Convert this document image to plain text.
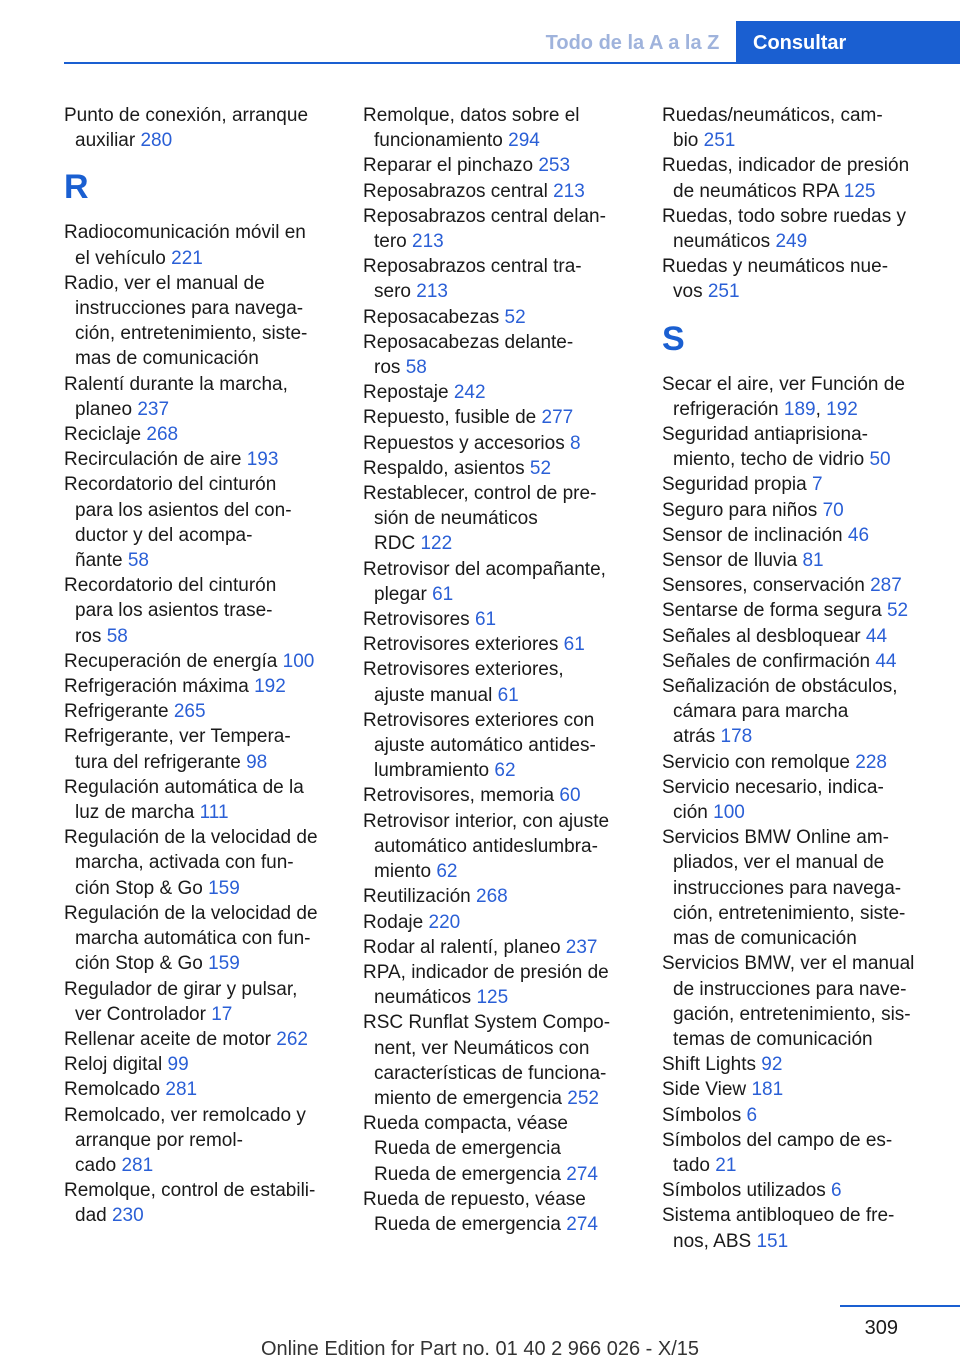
Todo de la A a la Z	Consultar
Punto de conexión, arranque
auxiliar 280
R
Radiocomunicación móvil en
el vehículo 221
Radio, ver el manual de
instrucciones para navega‐
ción, entretenimiento, siste‐
mas de comunicación
Ralentí durante la marcha,
planeo 237
Reciclaje 268
Recirculación de aire 193
Recordatorio del cinturón
para los asientos del con‐
ductor y del acompa‐
ñante 58
Recordatorio del cinturón
para los asientos trase‐
ros 58
Recuperación de energía 100
Refrigeración máxima 192
Refrigerante 265
Refrigerante, ver Tempera‐
tura del refrigerante 98
Regulación automática de la
luz de marcha 111
Regulación de la velocidad de
marcha, activada con fun‐
ción Stop & Go 159
Regulación de la velocidad de
marcha automática con fun‐
ción Stop & Go 159
Regulador de girar y pulsar,
ver Controlador 17
Rellenar aceite de motor 262
Reloj digital 99
Remolcado 281
Remolcado, ver remolcado y
arranque por remol‐
cado 281
Remolque, control de estabili‐
dad 230
Remolque, datos sobre el
funcionamiento 294
Reparar el pinchazo 253
Reposabrazos central 213
Reposabrazos central delan‐
tero 213
Reposabrazos central tra‐
sero 213
Reposacabezas 52
Reposacabezas delante‐
ros 58
Repostaje 242
Repuesto, fusible de 277
Repuestos y accesorios 8
Respaldo, asientos 52
Restablecer, control de pre‐
sión de neumáticos
RDC 122
Retrovisor del acompañante,
plegar 61
Retrovisores 61
Retrovisores exteriores 61
Retrovisores exteriores,
ajuste manual 61
Retrovisores exteriores con
ajuste automático antides‐
lumbramiento 62
Retrovisores, memoria 60
Retrovisor interior, con ajuste
automático antideslumbra‐
miento 62
Reutilización 268
Rodaje 220
Rodar al ralentí, planeo 237
RPA, indicador de presión de
neumáticos 125
RSC Runflat System Compo‐
nent, ver Neumáticos con
características de funciona‐
miento de emergencia 252
Rueda compacta, véase
Rueda de emergencia
Rueda de emergencia 274
Rueda de repuesto, véase
Rueda de emergencia 274
Ruedas/neumáticos, cam‐
bio 251
Ruedas, indicador de presión
de neumáticos RPA 125
Ruedas, todo sobre ruedas y
neumáticos 249
Ruedas y neumáticos nue‐
vos 251
S
Secar el aire, ver Función de
refrigeración 189, 192
Seguridad antiaprisiona‐
miento, techo de vidrio 50
Seguridad propia 7
Seguro para niños 70
Sensor de inclinación 46
Sensor de lluvia 81
Sensores, conservación 287
Sentarse de forma segura 52
Señales al desbloquear 44
Señales de confirmación 44
Señalización de obstáculos,
cámara para marcha
atrás 178
Servicio con remolque 228
Servicio necesario, indica‐
ción 100
Servicios BMW Online am‐
pliados, ver el manual de
instrucciones para navega‐
ción, entretenimiento, siste‐
mas de comunicación
Servicios BMW, ver el manual
de instrucciones para nave‐
gación, entretenimiento, sis‐
temas de comunicación
Shift Lights 92
Side View 181
Símbolos 6
Símbolos del campo de es‐
tado 21
Símbolos utilizados 6
Sistema antibloqueo de fre‐
nos, ABS 151
309
Online Edition for Part no. 01 40 2 966 026 - X/15
